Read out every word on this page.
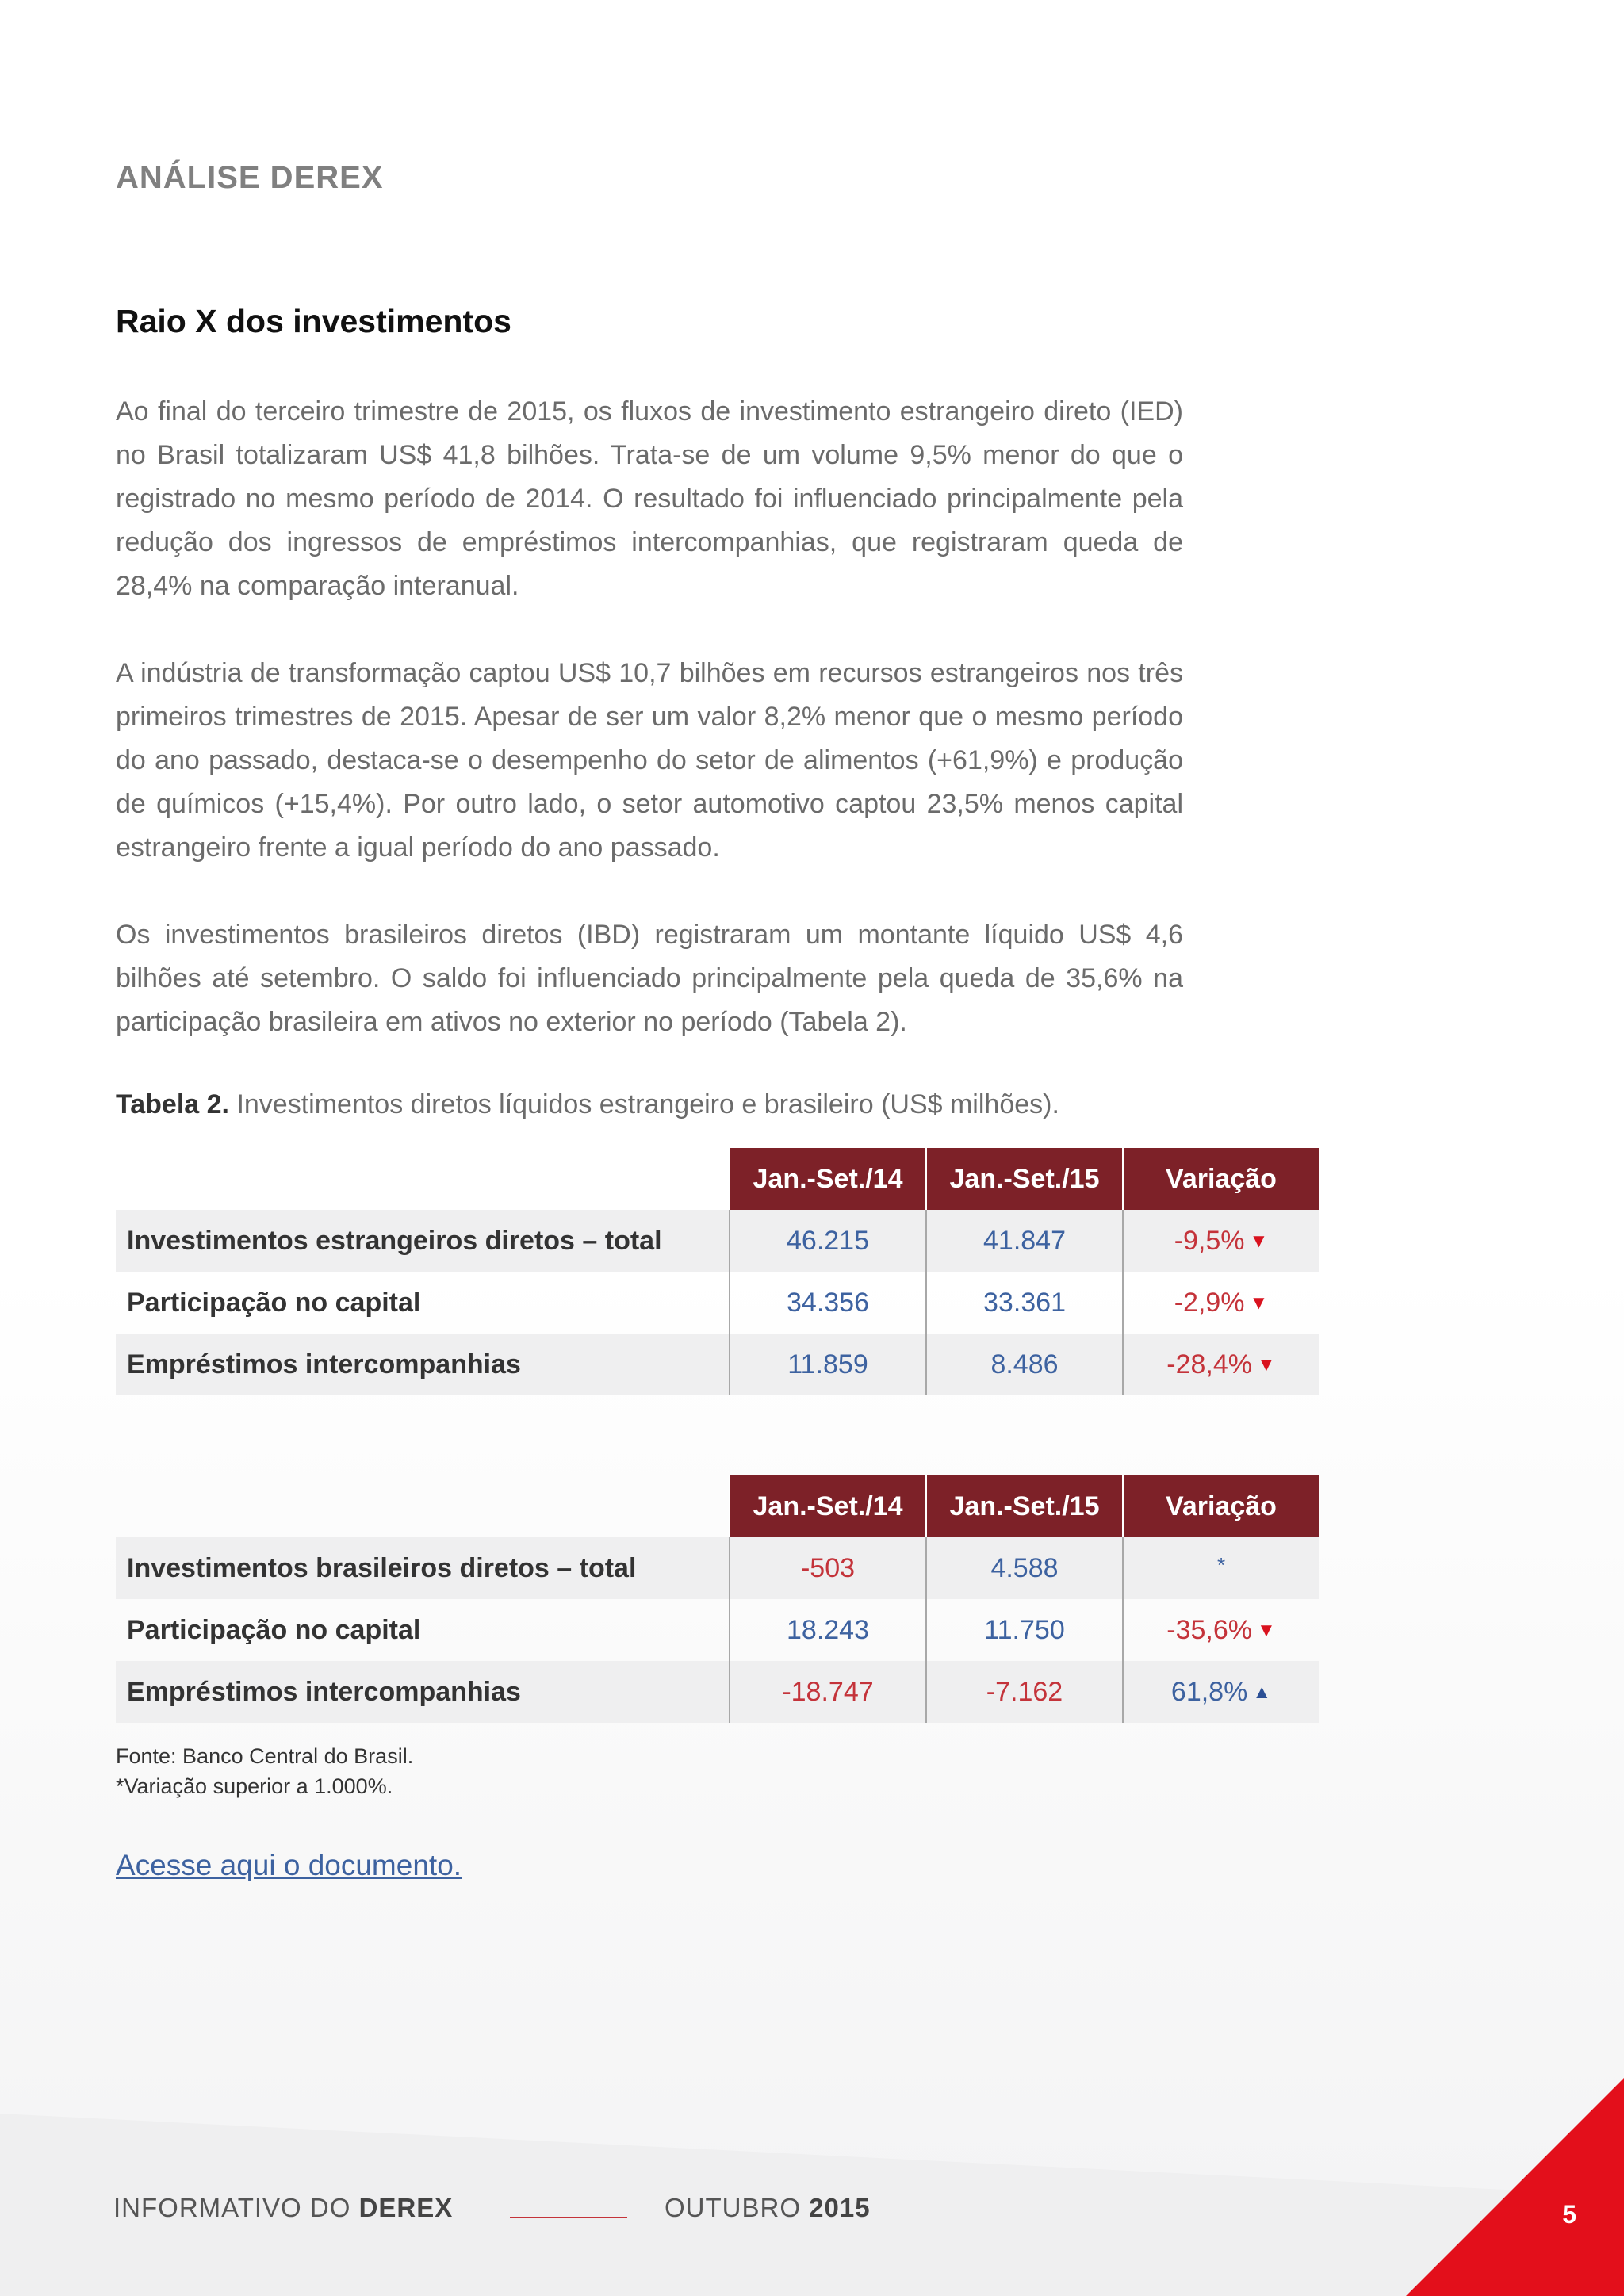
ANÁLISE DEREX
Raio X dos investimentos

Ao final do terceiro trimestre de 2015, os fluxos de investimento estrangeiro direto (IED) no Brasil totalizaram US$ 41,8 bilhões. Trata-se de um volume 9,5% menor do que o registrado no mesmo período de 2014. O resultado foi influenciado principalmente pela redução dos ingressos de empréstimos intercompanhias, que registraram queda de 28,4% na comparação interanual.

A indústria de transformação captou US$ 10,7 bilhões em recursos estrangeiros nos três primeiros trimestres de 2015. Apesar de ser um valor 8,2% menor que o mesmo período do ano passado, destaca-se o desempenho do setor de alimentos (+61,9%) e produção de químicos (+15,4%). Por outro lado, o setor automotivo captou 23,5% menos capital estrangeiro frente a igual período do ano passado.

Os investimentos brasileiros diretos (IBD) registraram um montante líquido US$ 4,6 bilhões até setembro. O saldo foi influenciado principalmente pela queda de 35,6% na participação brasileira em ativos no exterior no período (Tabela 2).

Tabela 2. Investimentos diretos líquidos estrangeiro e brasileiro (US$ milhões).
	Jan.-Set./14	Jan.-Set./15	Variação
Investimentos estrangeiros diretos – total	46.215	41.847	-9,5% ▼
Participação no capital	34.356	33.361	-2,9% ▼
Empréstimos intercompanhias	11.859	8.486	-28,4% ▼
	Jan.-Set./14	Jan.-Set./15	Variação
Investimentos brasileiros diretos – total	-503	4.588	*
Participação no capital	18.243	11.750	-35,6% ▼
Empréstimos intercompanhias	-18.747	-7.162	61,8% ▲
Fonte: Banco Central do Brasil.
*Variação superior a 1.000%.
Acesse aqui o documento.
INFORMATIVO DO DEREX	OUTUBRO 2015	5
